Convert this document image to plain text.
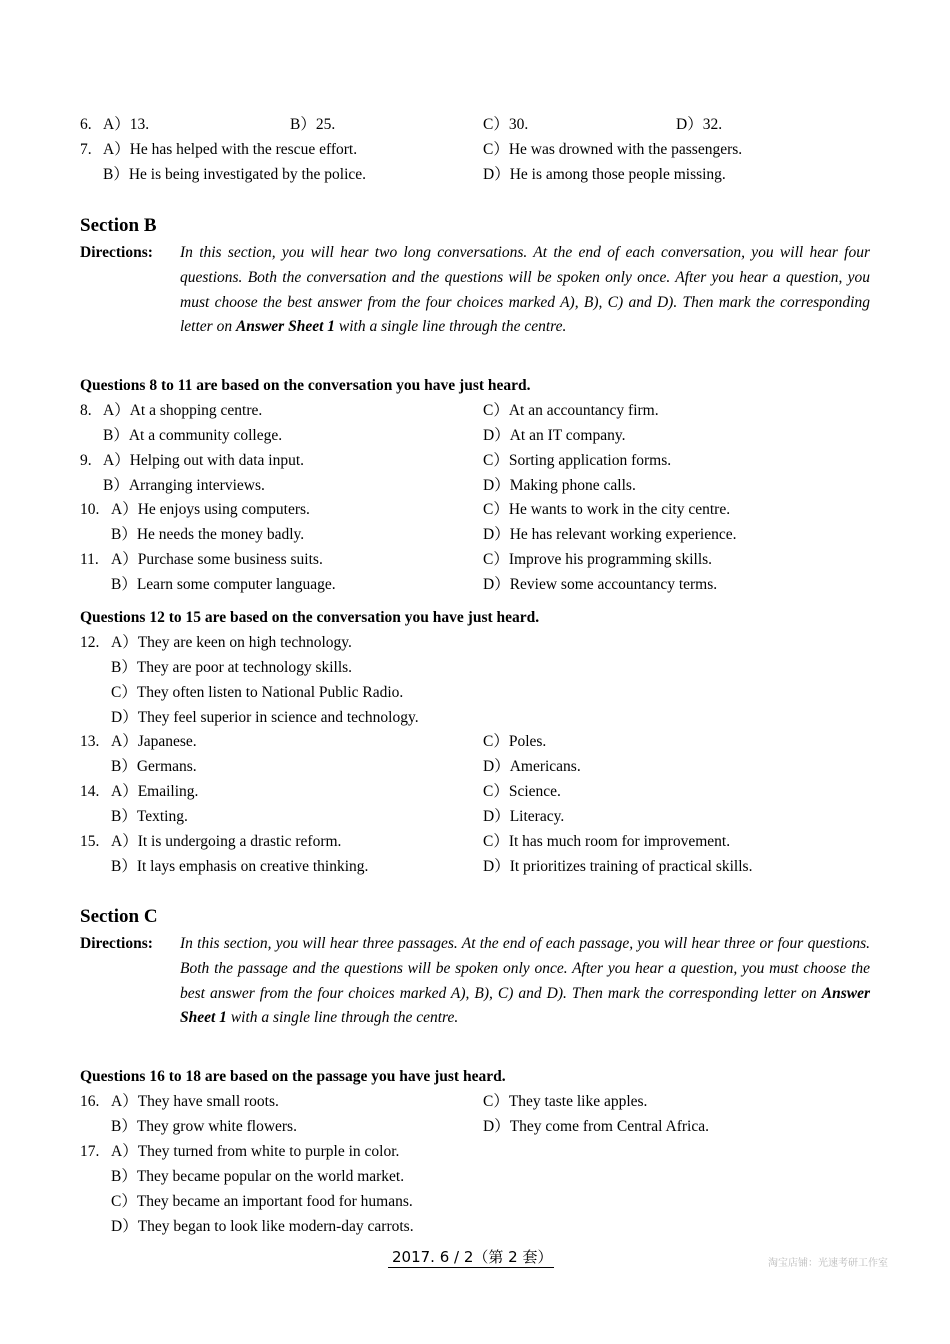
6. A）13.	B）25.	C）30.	D）32.
7. A）He has helped with the rescue effort.	C）He was drowned with the passengers.
B）He is being investigated by the police.	D）He is among those people missing.
Section B
Directions: In this section, you will hear two long conversations. At the end of each conversation, you will hear four questions. Both the conversation and the questions will be spoken only once. After you hear a question, you must choose the best answer from the four choices marked A), B), C) and D). Then mark the corresponding letter on Answer Sheet 1 with a single line through the centre.
Questions 8 to 11 are based on the conversation you have just heard.
8. A）At a shopping centre.	C）At an accountancy firm.
B）At a community college.	D）At an IT company.
9. A）Helping out with data input.	C）Sorting application forms.
B）Arranging interviews.	D）Making phone calls.
10. A）He enjoys using computers.	C）He wants to work in the city centre.
B）He needs the money badly.	D）He has relevant working experience.
11. A）Purchase some business suits.	C）Improve his programming skills.
B）Learn some computer language.	D）Review some accountancy terms.
Questions 12 to 15 are based on the conversation you have just heard.
12. A）They are keen on high technology.
B）They are poor at technology skills.
C）They often listen to National Public Radio.
D）They feel superior in science and technology.
13. A）Japanese.	C）Poles.
B）Germans.	D）Americans.
14. A）Emailing.	C）Science.
B）Texting.	D）Literacy.
15. A）It is undergoing a drastic reform.	C）It has much room for improvement.
B）It lays emphasis on creative thinking.	D）It prioritizes training of practical skills.
Section C
Directions: In this section, you will hear three passages. At the end of each passage, you will hear three or four questions. Both the passage and the questions will be spoken only once. After you hear a question, you must choose the best answer from the four choices marked A), B), C) and D). Then mark the corresponding letter on Answer Sheet 1 with a single line through the centre.
Questions 16 to 18 are based on the passage you have just heard.
16. A）They have small roots.	C）They taste like apples.
B）They grow white flowers.	D）They come from Central Africa.
17. A）They turned from white to purple in color.
B）They became popular on the world market.
C）They became an important food for humans.
D）They began to look like modern-day carrots.
2017. 6 / 2（第 2 套）	淘宝店铺：光速考研工作室
